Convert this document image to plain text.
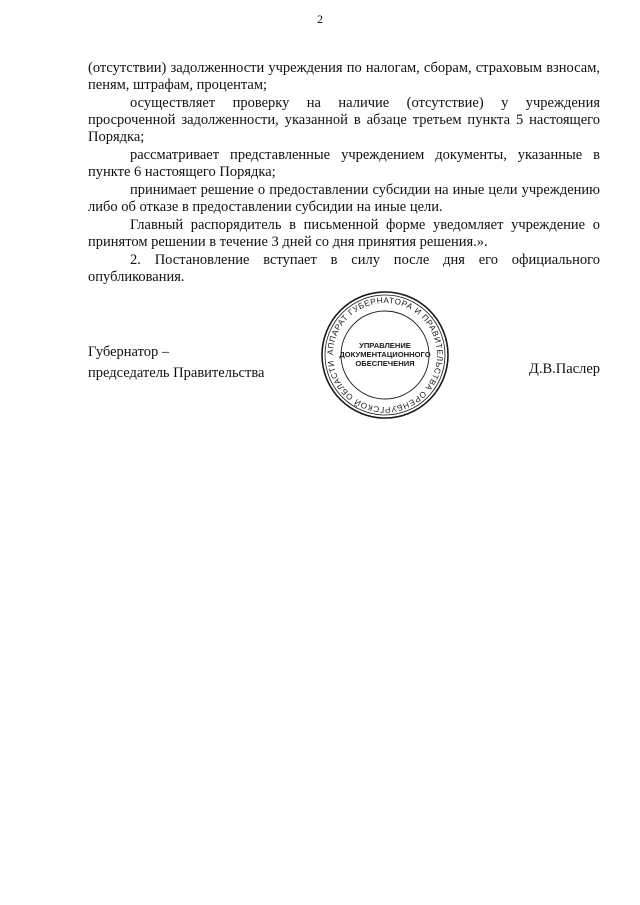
2

(отсутствии) задолженности учреждения по налогам, сборам, страховым взносам, пеням, штрафам, процентам;

осуществляет проверку на наличие (отсутствие) у учреждения просроченной задолженности, указанной в абзаце третьем пункта 5 настоящего Порядка;

рассматривает представленные учреждением документы, указанные в пункте 6 настоящего Порядка;

принимает решение о предоставлении субсидии на иные цели учреждению либо об отказе в предоставлении субсидии на иные цели.

Главный распорядитель в письменной форме уведомляет учреждение о принятом решении в течение 3 дней со дня принятия решения.».

2. Постановление вступает в силу после дня его официального опубликования.

Губернатор –
председатель Правительства
АППАРАТ ГУБЕРНАТОРА И ПРАВИТЕЛЬСТВА ОРЕНБУРГСКОЙ ОБЛАСТИ
УПРАВЛЕНИЕ
ДОКУМЕНТАЦИОННОГО
ОБЕСПЕЧЕНИЯ	Д.В.Паслер
